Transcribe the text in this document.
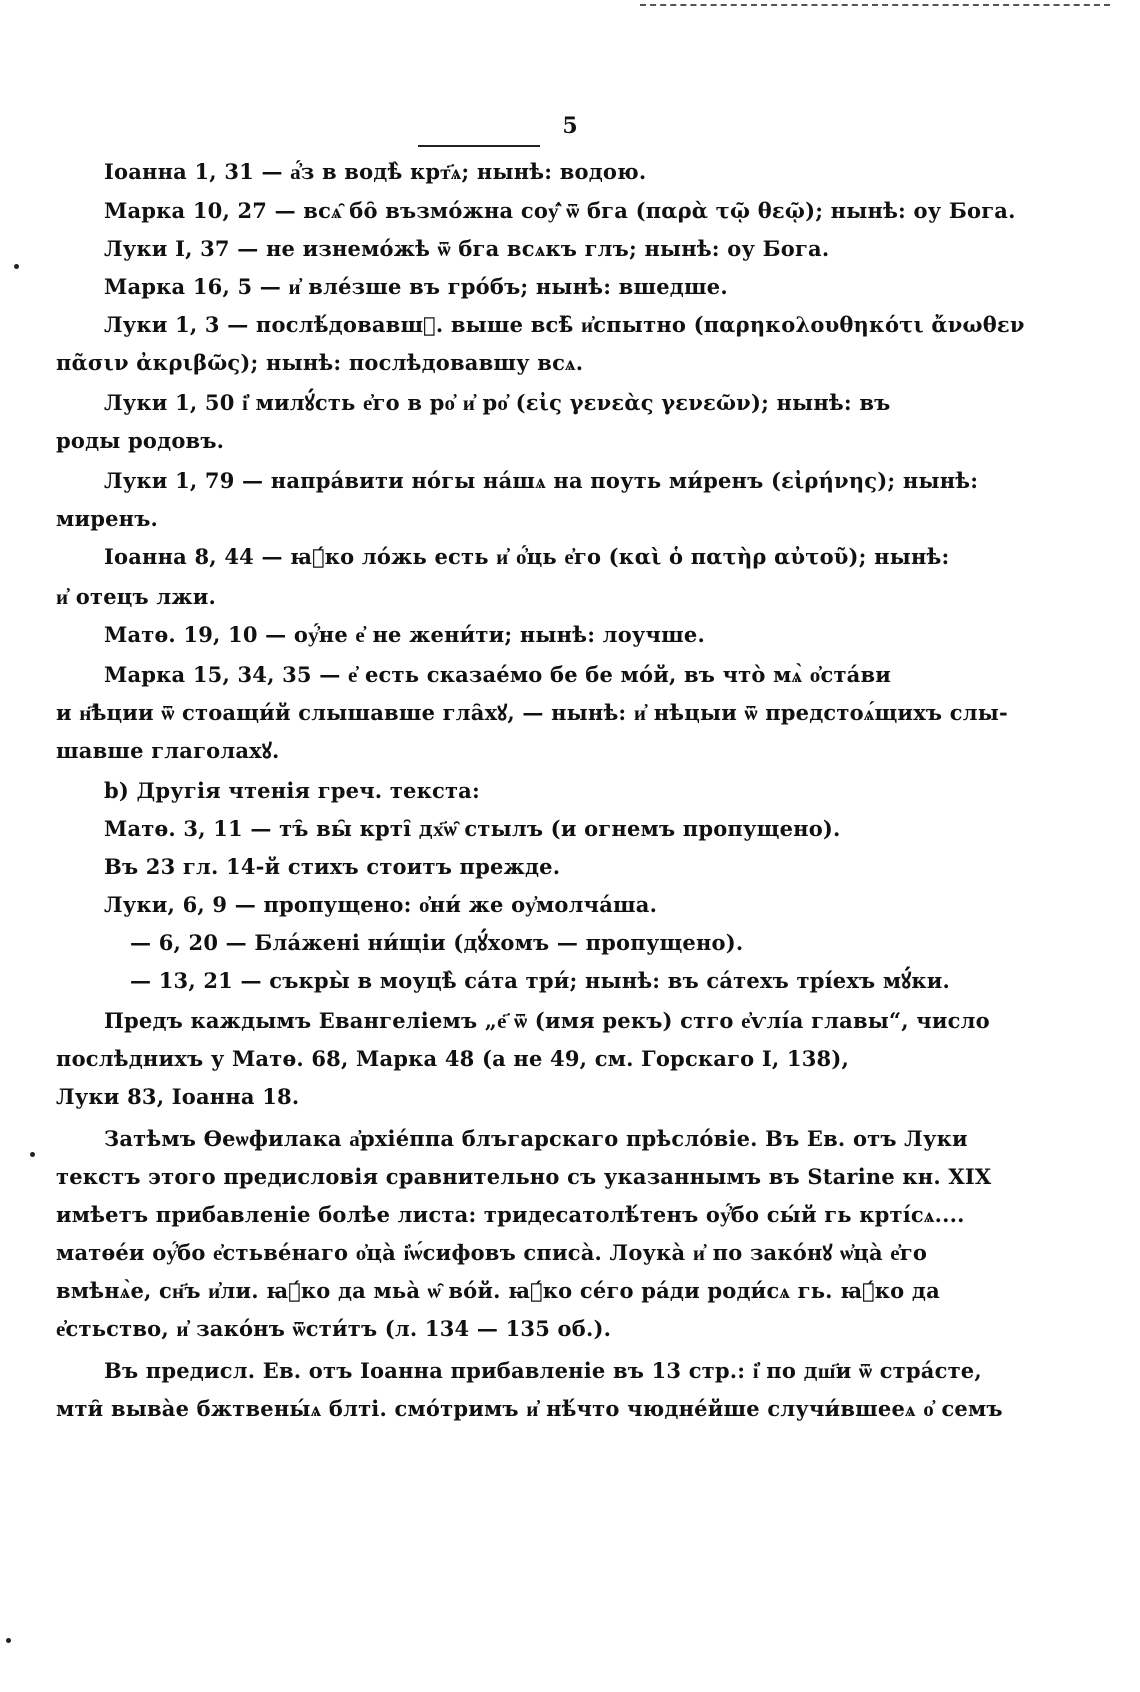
5
Іоанна 1, 31 — а҆́з в водѣ̀ крт҃ѧ; нынѣ: водою.
Марка 10, 27 — всѧ̑ бо̑ възмо́жна соу҆̑ ѿ бга (παρὰ τῷ θεῷ); нынѣ: оу Бога.
Луки I, 37 — не изнемо́жѣ ѿ бга всѧкъ глъ; нынѣ: оу Бога.
Марка 16, 5 — и҆ вле́зше въ гро́бъ; нынѣ: вшедше.
Луки 1, 3 — послѣ́довавш꙽. выше всѣ̑ и҆спытно (παρηκολουθηκότι ἄνωθεν
πᾶσιν ἀκριβῶς); нынѣ: послѣдовавшу всѧ.
Луки 1, 50 і҆ милꙋ́сть е҆го в ро҆ и҆ ро҆ (εἰς γενεὰς γενεῶν); нынѣ: въ
роды родовъ.
Луки 1, 79 — напра́вити но́гы на́шѧ на поуть ми́ренъ (εἰρήνης); нынѣ:
миренъ.
Іоанна 8, 44 — ꙗ҆́ко ло́жь есть и҆ о҆́ць е҆го (καὶ ὁ πατὴρ αὐτοῦ); нынѣ:
и҆ отецъ лжи.
Матѳ. 19, 10 — оу҆́не е҆ не жени́ти; нынѣ: лоучше.
Марка 15, 34, 35 — е҆ есть сказае́мо бе бе мо́й, въ что̀ мѧ̀ о҆ста́ви
и н҃ѣции ѿ стоащи́й слышавше гла̑хꙋ, — нынѣ: и҆ нѣцыи ѿ предстоѧ́щихъ слы-
шавше глаголахꙋ.
b) Другія чтенія греч. текста:
Матѳ. 3, 11 — тъ̑ вы̑ крті̑ дх҃ѡ̑ стылъ (и огнемъ пропущено).
Въ 23 гл. 14-й стихъ стоитъ прежде.
Луки, 6, 9 — пропущено: о҆ни́ же оу҆молча́ша.
— 6, 20 — Бла́жені ни́щіи (дꙋ́хомъ — пропущено).
— 13, 21 — съкры̀ в моуцѣ̀ са́та три́; нынѣ: въ са́техъ трі́ехъ мꙋ́ки.
Предъ каждымъ Евангеліемъ „е҃ ѿ (имя рекъ) стго е҆ѵлі́а главы“, число
послѣднихъ у Матѳ. 68, Марка 48 (а не 49, см. Горскаго I, 138),
Луки 83, Іоанна 18.
Затѣмъ Ѳеѡфилака а҆рхіе́ппа блъгарскаго прѣсло́віе. Въ Ев. отъ Луки
текстъ этого предисловія сравнительно съ указаннымъ въ Starine кн. XIX
имѣетъ прибавленіе болѣе листа: тридесатолѣ́тенъ оу҆́бо сы́й гь крті́сѧ....
матѳе́и оу҆́бо е҆стьве́наго о҆ца̀ і҆ѡ́сифовъ списа̀. Лоука̀ и҆ по зако́нꙋ ѡ҆ца̀ е҆го
вмѣнѧ̀е, сн҃ъ и҆ли. ꙗ҆́ко да мьа̀ ѡ̑ во́й. ꙗ҆́ко се́го ра́ди роди́сѧ гь. ꙗ҆́ко да
е҆стьство, и҆ зако́нъ ѿсти́тъ (л. 134 — 135 об.).
Въ предисл. Ев. отъ Іоанна прибавленіе въ 13 стр.: і҆ по дш҃и ѿ стра́сте,
мти̑ выва̀е бжтвены́ѧ блті. смо́тримъ и҆ нѣ́что чюдне́йше случи́вшееѧ о҆ семъ
